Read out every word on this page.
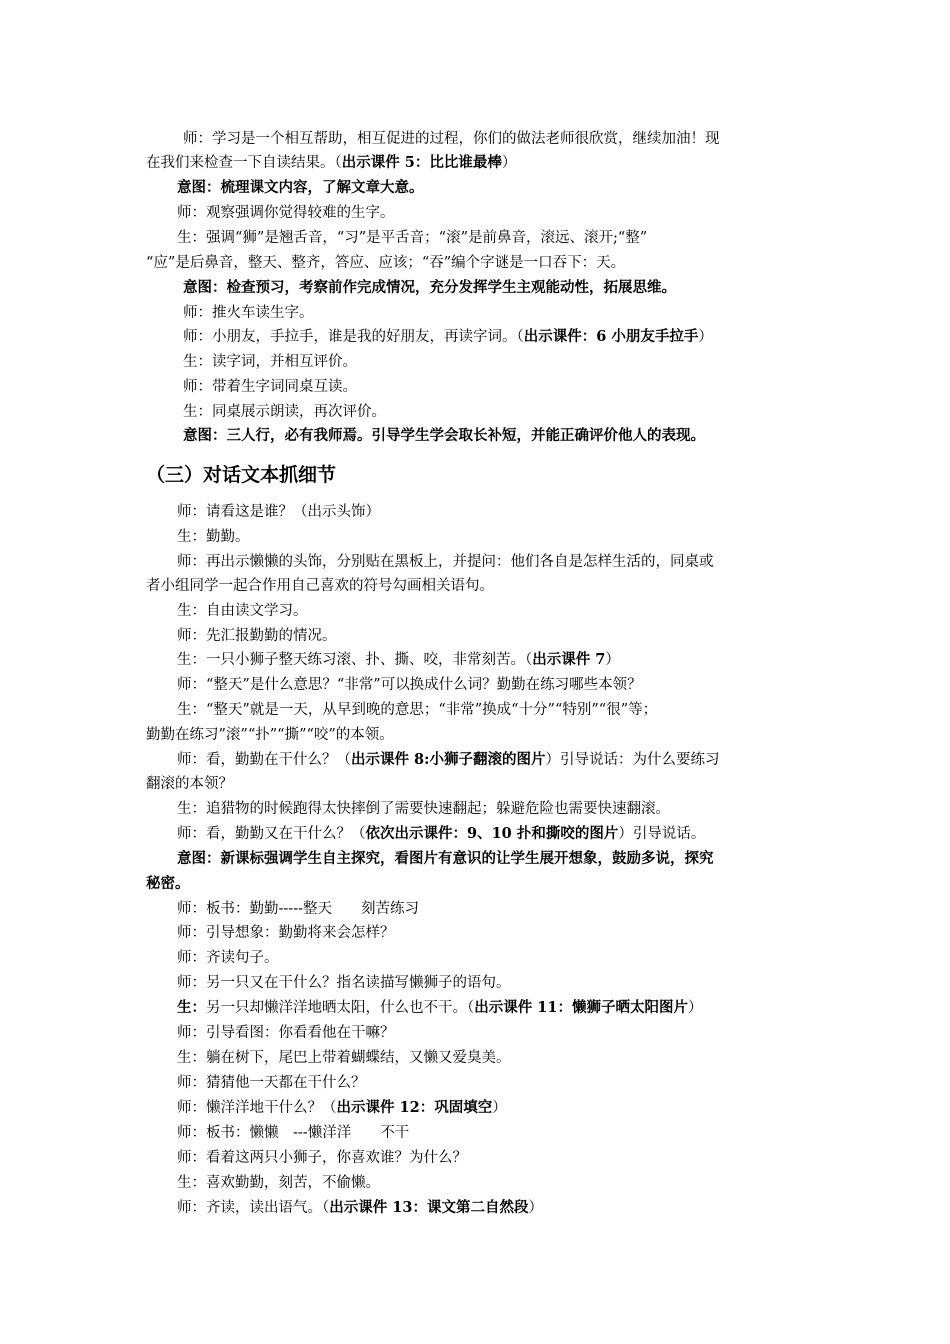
师：学习是一个相互帮助，相互促进的过程，你们的做法老师很欣赏，继续加油！现
在我们来检查一下自读结果。（出示课件 5：比比谁最棒）
意图：梳理课文内容，了解文章大意。
师：观察强调你觉得较难的生字。
生：强调“狮”是翘舌音，“习”是平舌音；“滚”是前鼻音，滚远、滚开;“整”
“应”是后鼻音，整天、整齐，答应、应该；“吞”编个字谜是一口吞下：天。
意图：检查预习，考察前作完成情况，充分发挥学生主观能动性，拓展思维。
师：推火车读生字。
师：小朋友，手拉手，谁是我的好朋友，再读字词。（出示课件：6 小朋友手拉手）
生：读字词，并相互评价。
师：带着生字词同桌互读。
生：同桌展示朗读，再次评价。
意图：三人行，必有我师焉。引导学生学会取长补短，并能正确评价他人的表现。
（三）对话文本抓细节
师：请看这是谁？（出示头饰）
生：勤勤。
师：再出示懒懒的头饰，分别贴在黑板上，并提问：他们各自是怎样生活的，同桌或
者小组同学一起合作用自己喜欢的符号勾画相关语句。
生：自由读文学习。
师：先汇报勤勤的情况。
生：一只小狮子整天练习滚、扑、撕、咬，非常刻苦。（出示课件 7）
师：“整天”是什么意思？“非常”可以换成什么词？勤勤在练习哪些本领？
生：“整天”就是一天，从早到晚的意思；“非常”换成“十分”“特别”“很”等；
勤勤在练习”滚”“扑”“撕”“咬”的本领。
师：看，勤勤在干什么？（出示课件 8:小狮子翻滚的图片）引导说话：为什么要练习
翻滚的本领？
生：追猎物的时候跑得太快摔倒了需要快速翻起；躲避危险也需要快速翻滚。
师：看，勤勤又在干什么？（依次出示课件：9、10 扑和撕咬的图片）引导说话。
意图：新课标强调学生自主探究，看图片有意识的让学生展开想象，鼓励多说，探究
秘密。
师：板书：勤勤-----整天　　刻苦练习
师：引导想象：勤勤将来会怎样？
师：齐读句子。
师：另一只又在干什么？指名读描写懒狮子的语句。
生：另一只却懒洋洋地晒太阳，什么也不干。（出示课件 11：懒狮子晒太阳图片）
师：引导看图：你看看他在干嘛？
生：躺在树下，尾巴上带着蝴蝶结，又懒又爱臭美。
师：猜猜他一天都在干什么？
师：懒洋洋地干什么？（出示课件 12：巩固填空）
师：板书：懒懒　---懒洋洋　　不干
师：看着这两只小狮子，你喜欢谁？为什么？
生：喜欢勤勤，刻苦，不偷懒。
师：齐读，读出语气。（出示课件 13：课文第二自然段）
